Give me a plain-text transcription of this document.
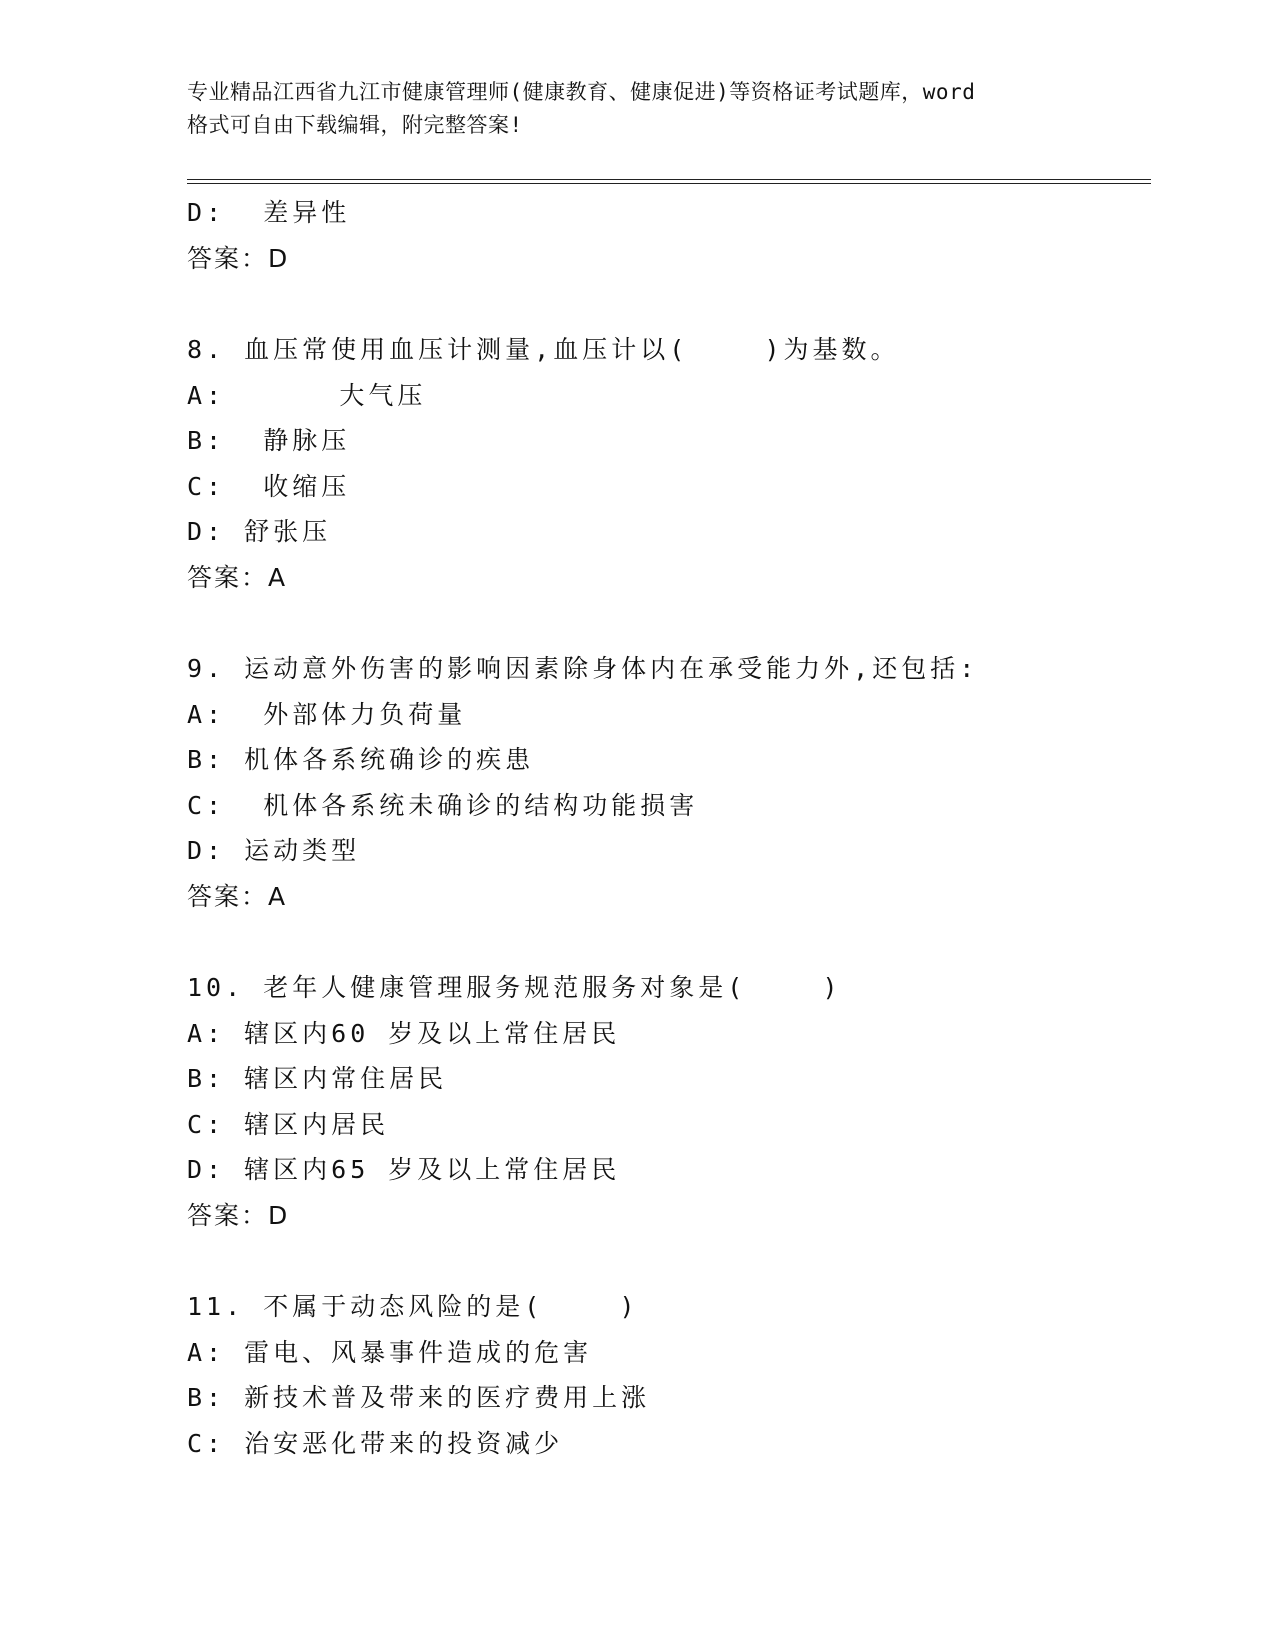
专业精品江西省九江市健康管理师(健康教育、健康促进)等资格证考试题库，word
格式可自由下载编辑，附完整答案!
D:  差异性
答案：D
8. 血压常使用血压计测量,血压计以(    )为基数。
A:      大气压
B:  静脉压
C:  收缩压
D: 舒张压
答案：A
9. 运动意外伤害的影响因素除身体内在承受能力外,还包括:
A:  外部体力负荷量
B: 机体各系统确诊的疾患
C:  机体各系统未确诊的结构功能损害
D: 运动类型
答案：A
10. 老年人健康管理服务规范服务对象是(    )
A: 辖区内60 岁及以上常住居民
B: 辖区内常住居民
C: 辖区内居民
D: 辖区内65 岁及以上常住居民
答案：D
11. 不属于动态风险的是(    )
A: 雷电、风暴事件造成的危害
B: 新技术普及带来的医疗费用上涨
C: 治安恶化带来的投资减少
